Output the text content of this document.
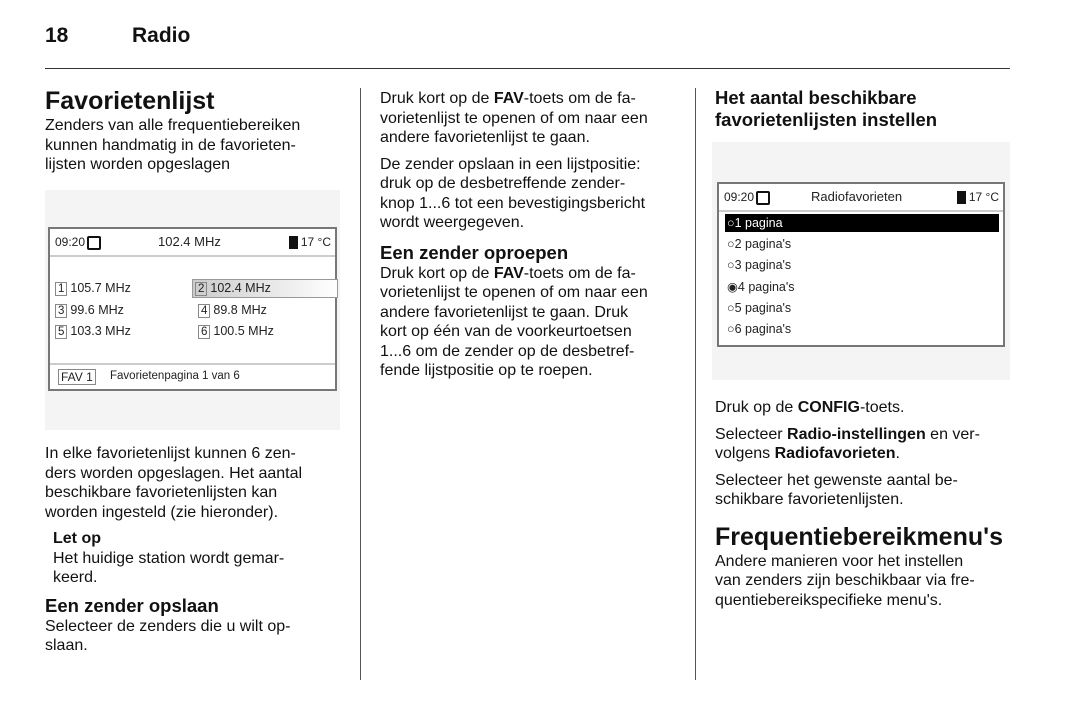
18	Radio
Favorietenlijst

Zenders van alle frequentiebereiken
kunnen handmatig in de favorieten-
lijsten worden opgeslagen

09:20	102.4 MHz	17 °C
1 105.7 MHz	2 102.4 MHz
3 99.6 MHz	4 89.8 MHz
5 103.3 MHz	6 100.5 MHz
FAV 1 Favorietenpagina 1 van 6

In elke favorietenlijst kunnen 6 zen-
ders worden opgeslagen. Het aantal
beschikbare favorietenlijsten kan
worden ingesteld (zie hieronder).

Let op

Het huidige station wordt gemar-
keerd.

Een zender opslaan

Selecteer de zenders die u wilt op-
slaan.

Druk kort op de FAV-toets om de fa-
vorietenlijst te openen of om naar een
andere favorietenlijst te gaan.

De zender opslaan in een lijstpositie:
druk op de desbetreffende zender-
knop 1...6 tot een bevestigingsbericht
wordt weergegeven.

Een zender oproepen

Druk kort op de FAV-toets om de fa-
vorietenlijst te openen of om naar een
andere favorietenlijst te gaan. Druk
kort op één van de voorkeurtoetsen
1...6 om de zender op de desbetref-
fende lijstpositie op te roepen.

Het aantal beschikbare
favorietenlijsten instellen
09:20	Radiofavorieten	17 °C
○1 pagina
○2 pagina's
○3 pagina's
◉4 pagina's
○5 pagina's
○6 pagina's

Druk op de CONFIG-toets.

Selecteer Radio-instellingen en ver-
volgens Radiofavorieten.

Selecteer het gewenste aantal be-
schikbare favorietenlijsten.

Frequentiebereikmenu's

Andere manieren voor het instellen
van zenders zijn beschikbaar via fre-
quentiebereikspecifieke menu's.
